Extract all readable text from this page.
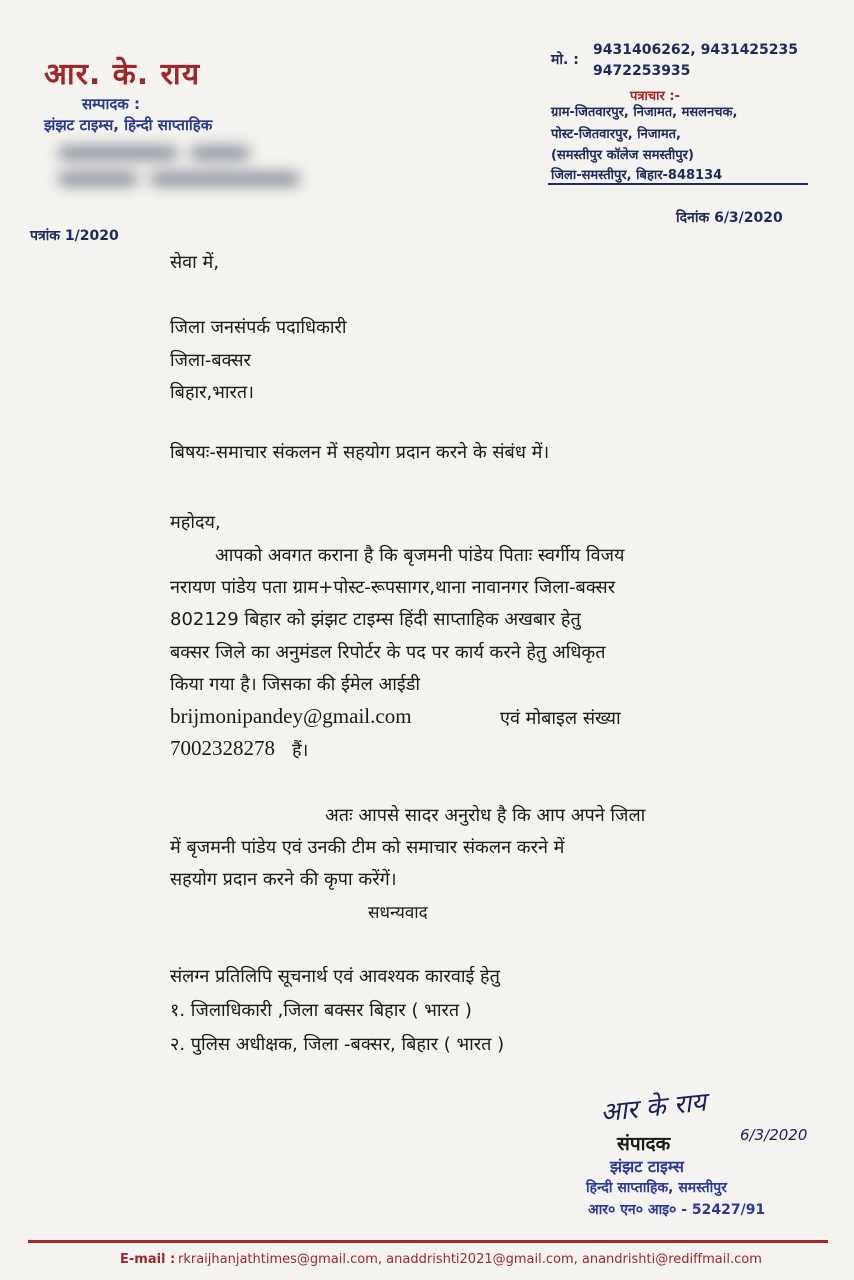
आर. के. राय
सम्पादक :
झंझट टाइम्स, हिन्दी साप्ताहिक

मो. :
9431406262, 9431425235
9472253935
पत्राचार :-
ग्राम-जितवारपुर, निजामत, मसलनचक,
पोस्ट-जितवारपुर, निजामत,
(समस्तीपुर कॉलेज समस्तीपुर)
जिला-समस्तीपुर, बिहार-848134
पत्रांक 1/2020
दिनांक 6/3/2020
सेवा में,
जिला जनसंपर्क पदाधिकारी
जिला-बक्सर
बिहार,भारत।
बिषयः-समाचार संकलन में सहयोग प्रदान करने के संबंध में।
महोदय,
आपको अवगत कराना है कि बृजमनी पांडेय पिताः स्वर्गीय विजय
नरायण पांडेय पता ग्राम+पोस्ट-रूपसागर,थाना नावानगर जिला-बक्सर
802129 बिहार को झंझट टाइम्स हिंदी साप्ताहिक अखबार हेतु
बक्सर जिले का अनुमंडल रिपोर्टर के पद पर कार्य करने हेतु अधिकृत
किया गया है। जिसका की ईमेल आईडी
brijmonipandey@gmail.com	एवं मोबाइल संख्या
7002328278 हैं।
अतः आपसे सादर अनुरोध है कि आप अपने जिला
में बृजमनी पांडेय एवं उनकी टीम को समाचार संकलन करने में
सहयोग प्रदान करने की कृपा करेंगें।
सधन्यवाद
संलग्न प्रतिलिपि सूचनार्थ एवं आवश्यक कारवाई हेतु
१. जिलाधिकारी ,जिला बक्सर बिहार ( भारत )
२. पुलिस अधीक्षक, जिला -बक्सर, बिहार ( भारत )
आर के राय
6/3/2020
संपादक
झंझट टाइम्स
हिन्दी साप्ताहिक, समस्तीपुर
आर० एन० आइ० - 52427/91
E-mail : rkraijhanjathtimes@gmail.com, anaddrishti2021@gmail.com, anandrishti@rediffmail.com
